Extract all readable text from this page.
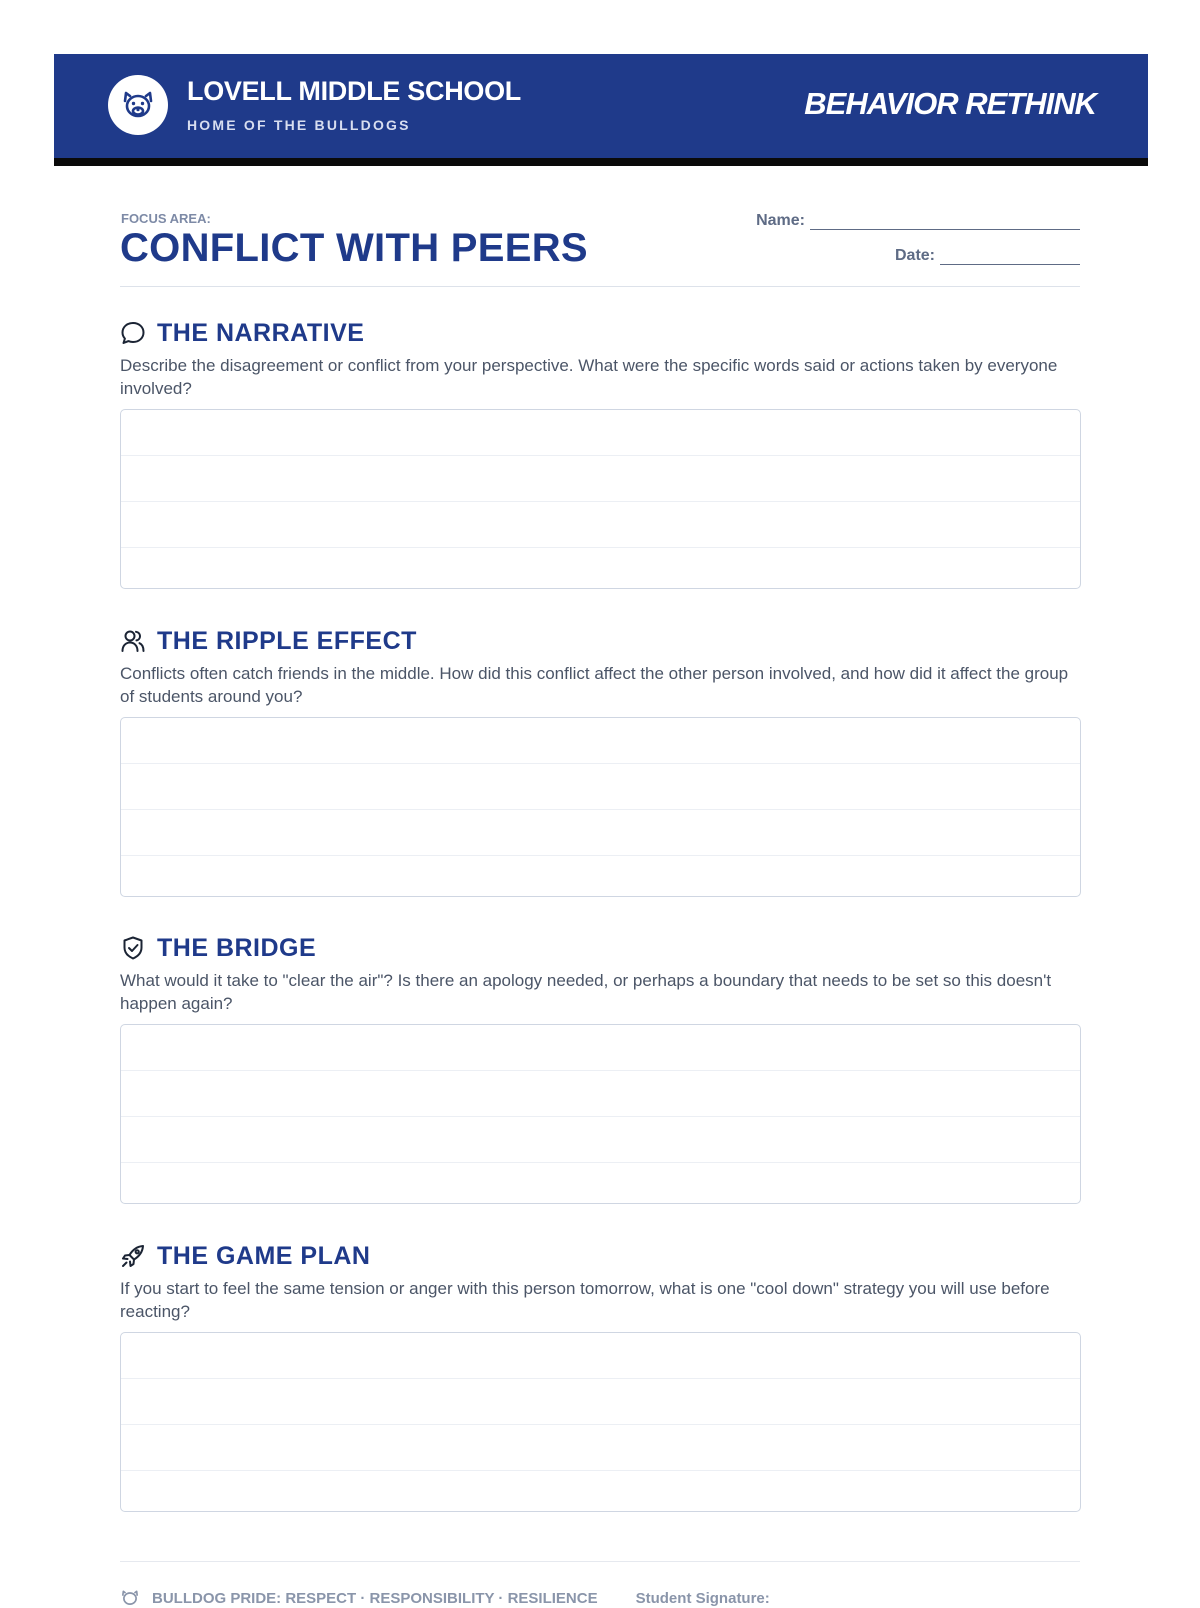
LOVELL MIDDLE SCHOOL
HOME OF THE BULLDOGS
BEHAVIOR RETHINK
FOCUS AREA:
CONFLICT WITH PEERS
Name:
Date:
THE NARRATIVE
Describe the disagreement or conflict from your perspective. What were the specific words said or actions taken by everyone involved?
THE RIPPLE EFFECT
Conflicts often catch friends in the middle. How did this conflict affect the other person involved, and how did it affect the group of students around you?
THE BRIDGE
What would it take to "clear the air"? Is there an apology needed, or perhaps a boundary that needs to be set so this doesn't happen again?
THE GAME PLAN
If you start to feel the same tension or anger with this person tomorrow, what is one "cool down" strategy you will use before reacting?
BULLDOG PRIDE: RESPECT · RESPONSIBILITY · RESILIENCE	Student Signature:
